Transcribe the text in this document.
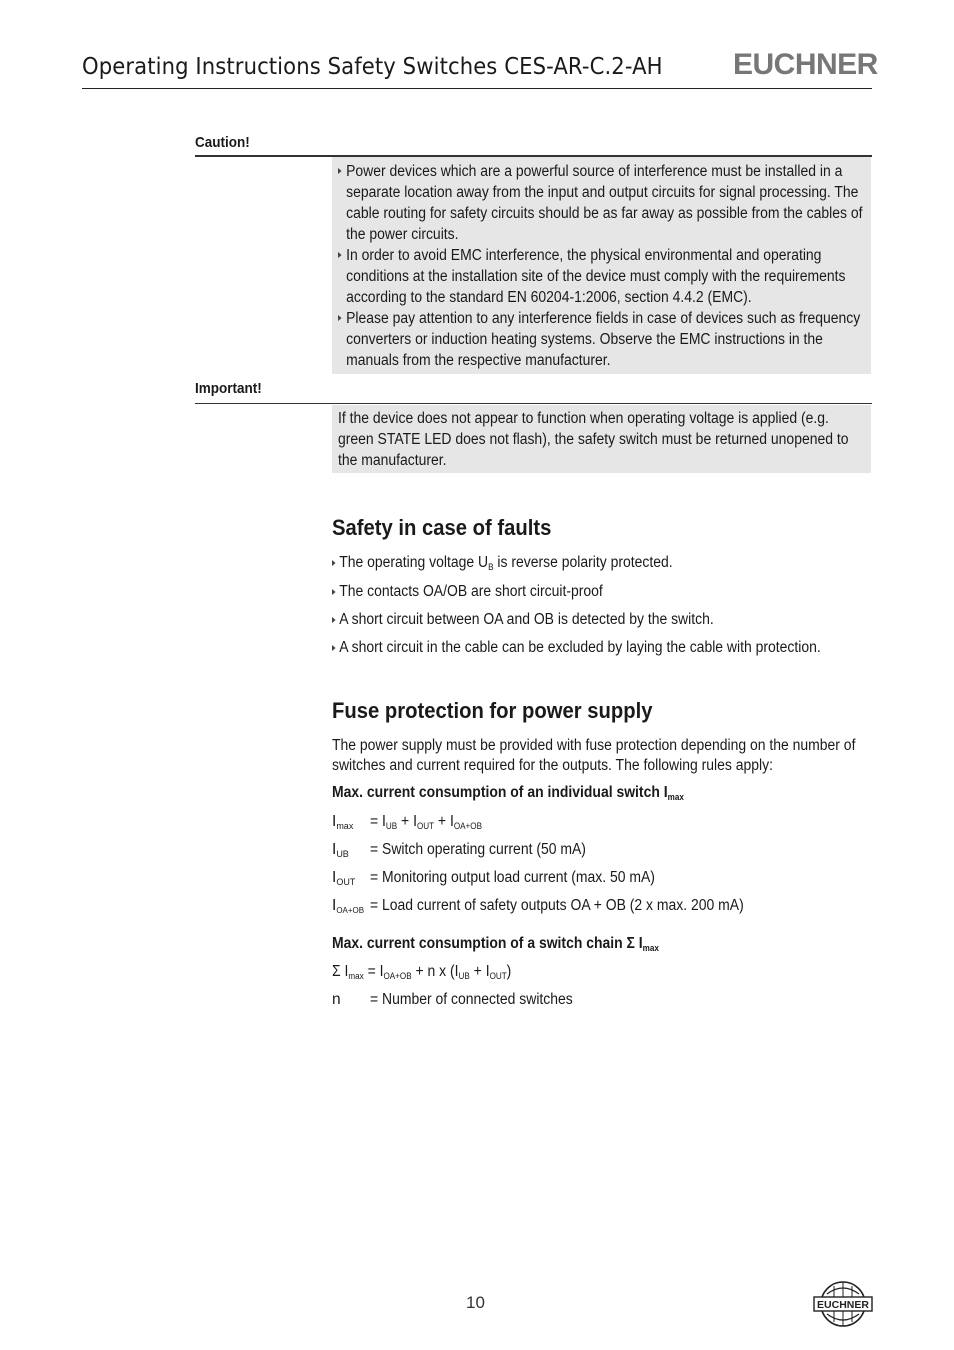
Operating Instructions Safety Switches CES-AR-C.2-AH EUCHNER
Caution!
Power devices which are a powerful source of interference must be installed in a separate location away from the input and output circuits for signal processing. The cable routing for safety circuits should be as far away as possible from the cables of the power circuits.
In order to avoid EMC interference, the physical environmental and operating conditions at the installation site of the device must comply with the requirements according to the standard EN 60204-1:2006, section 4.4.2 (EMC).
Please pay attention to any interference fields in case of devices such as frequency converters or induction heating systems. Observe the EMC instructions in the manuals from the respective manufacturer.
Important!
If the device does not appear to function when operating voltage is applied (e.g. green STATE LED does not flash), the safety switch must be returned unopened to the manufacturer.
Safety in case of faults
The operating voltage $U_B$ is reverse polarity protected.
The contacts OA/OB are short circuit-proof
A short circuit between OA and OB is detected by the switch.
A short circuit in the cable can be excluded by laying the cable with protection.
Fuse protection for power supply
The power supply must be provided with fuse protection depending on the number of switches and current required for the outputs. The following rules apply:
Max. current consumption of an individual switch $I_{max}$
$I_{max} = I_{UB} + I_{OUT} + I_{OA+OB}$
$I_{UB}$ = Switch operating current (50 mA)
$I_{OUT}$ = Monitoring output load current (max. 50 mA)
$I_{OA+OB}$ = Load current of safety outputs OA + OB (2 x max. 200 mA)
Max. current consumption of a switch chain Σ $I_{max}$
Σ $I_{max} = I_{OA+OB} + n$ x $(I_{UB} + I_{OUT})$
n = Number of connected switches
10	EUCHNER
